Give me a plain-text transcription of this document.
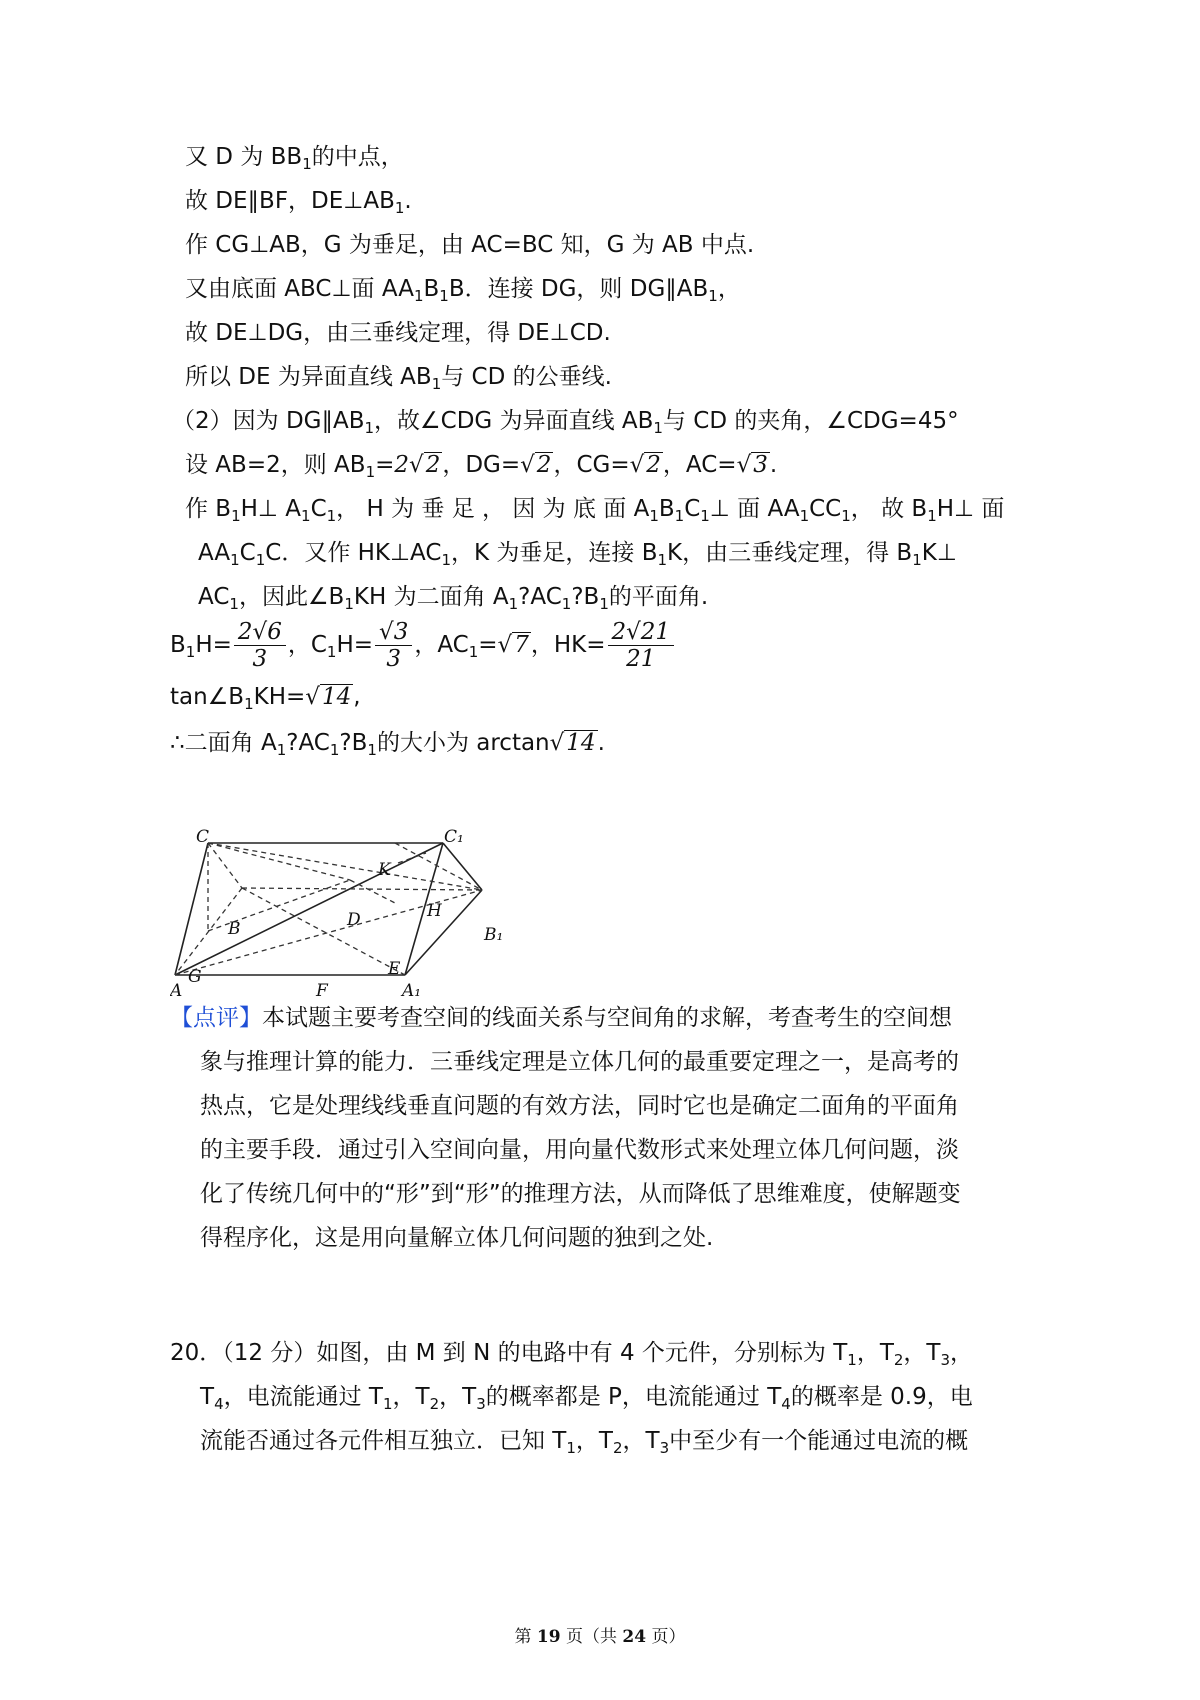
又 D 为 $BB_1$的中点，
故 DE∥BF，$DE\perp AB_1$.
作 CG⊥AB，G 为垂足，由 AC=BC 知，G 为 AB 中点.
又由底面 ABC⊥面 $AA_1B_1B$．连接 DG，则 $DG\parallel AB_1$，
故 DE⊥DG，由三垂线定理，得 DE⊥CD.
所以 DE 为异面直线 $AB_1$与 CD 的公垂线.
（2）因为 $DG\parallel AB_1$，故∠CDG 为异面直线 $AB_1$与 CD 的夹角，∠CDG=45°
设 AB=2，则 $AB_1=2√2$，DG=√2，CG=√2，AC=√3.
作 $B_1H\perp$ $A_1C_1$， H 为 垂 足 ， 因 为 底 面 $A_1B_1C_1\perp$ 面 $AA_1CC_1$， 故 $B_1H\perp$ 面
$AA_1C_1C$．又作 $HK\perp AC_1$，K 为垂足，连接 $B_1K$，由三垂线定理，得 $B_1K\perp$
$AC_1$，因此$\angle B_1KH$ 为二面角 $A_1?AC_1?B_1$的平面角.
$B_1H= \frac{2√6}{3}$ ，$C_1H= \frac{√3}{3}$ ，$AC_1=√7$，$HK= \frac{2√21}{21}$
$\tan\angle B_1KH=√14$,
∴二面角 $A_1?AC_1?B_1$的大小为 arctan√14.
C	C₁
K
H
D
B	B₁
E
G
F
A	A₁
【点评】本试题主要考查空间的线面关系与空间角的求解，考查考生的空间想
象与推理计算的能力．三垂线定理是立体几何的最重要定理之一，是高考的
热点，它是处理线线垂直问题的有效方法，同时它也是确定二面角的平面角
的主要手段．通过引入空间向量，用向量代数形式来处理立体几何问题，淡
化了传统几何中的“形”到“形”的推理方法，从而降低了思维难度，使解题变
得程序化，这是用向量解立体几何问题的独到之处.
20．（12 分）如图，由 M 到 N 的电路中有 4 个元件，分别标为 $T_1$，$T_2$，$T_3$，
$T_4$，电流能通过 $T_1$，$T_2$，$T_3$的概率都是 P，电流能通过 $T_4$的概率是 0.9，电
流能否通过各元件相互独立．已知 $T_1$，$T_2$，$T_3$中至少有一个能通过电流的概
第 19 页（共 24 页）
